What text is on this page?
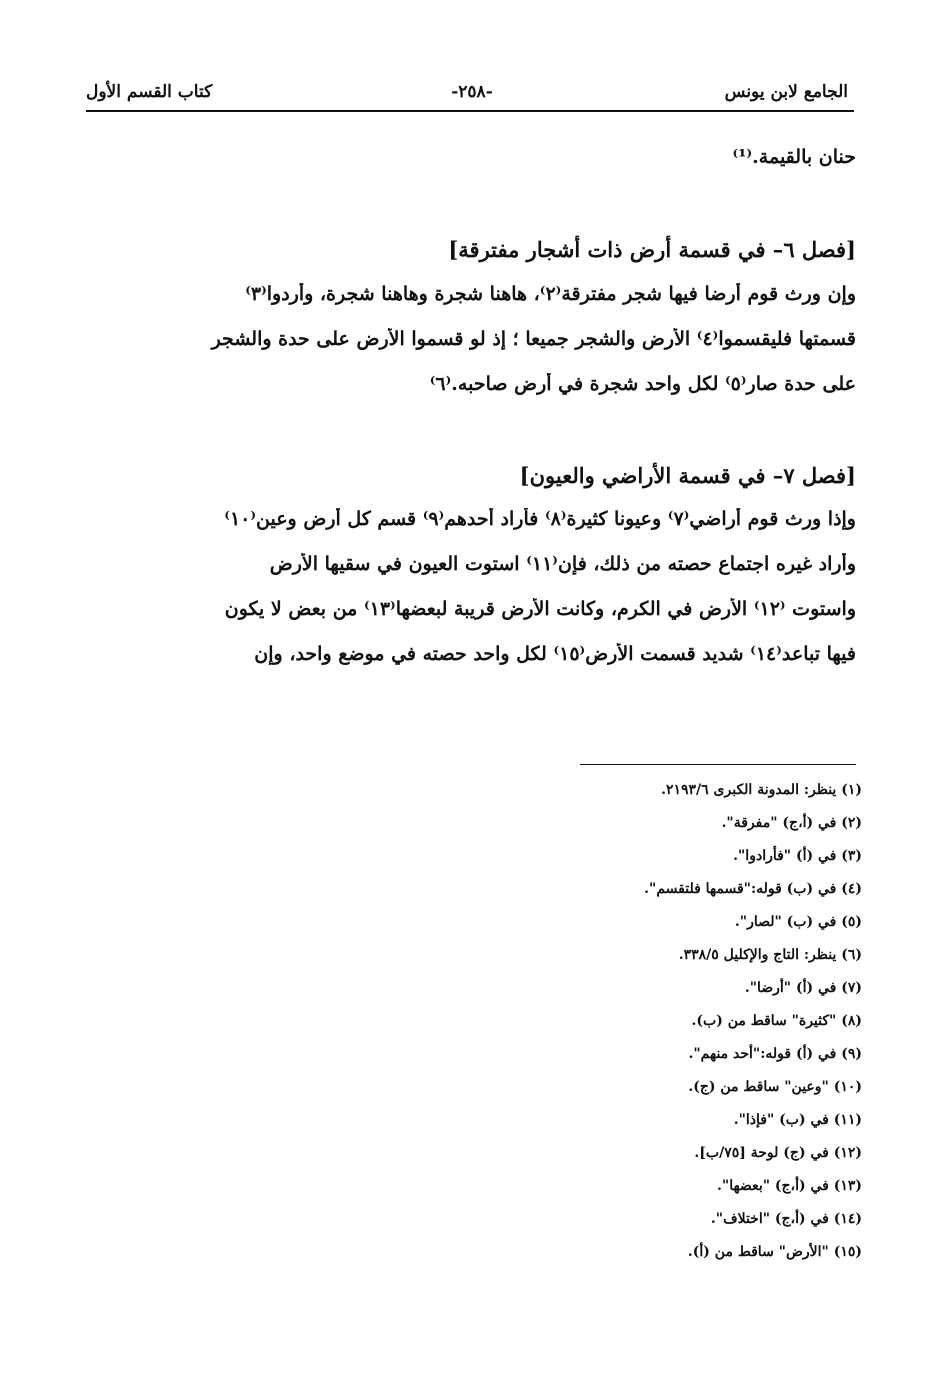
الجامع لابن يونس
-٢٥٨-
كتاب القسم الأول
حنان بالقيمة.⁽¹⁾
[فصل ٦– في قسمة أرض ذات أشجار مفترقة]
وإن ورث قوم أرضا فيها شجر مفترقة⁽٢⁾، هاهنا شجرة وهاهنا شجرة، وأردوا⁽٣⁾
قسمتها فليقسموا⁽٤⁾ الأرض والشجر جميعا ؛ إذ لو قسموا الأرض على حدة والشجر
على حدة صار⁽٥⁾ لكل واحد شجرة في أرض صاحبه.⁽٦⁾
[فصل ٧– في قسمة الأراضي والعيون]
وإذا ورث قوم أراضي⁽٧⁾ وعيونا كثيرة⁽٨⁾ فأراد أحدهم⁽٩⁾ قسم كل أرض وعين⁽١٠⁾
وأراد غيره اجتماع حصته من ذلك، فإن⁽١١⁾ استوت العيون في سقيها الأرض
واستوت ⁽١٢⁾ الأرض في الكرم، وكانت الأرض قريبة لبعضها⁽١٣⁾ من بعض لا يكون
فيها تباعد⁽١٤⁾ شديد قسمت الأرض⁽١٥⁾ لكل واحد حصته في موضع واحد، وإن
(١) ينظر: المدونة الكبرى ٢١٩٣/٦.
(٢) في (أ،ج) "مفرقة".
(٣) في (أ) "فأرادوا".
(٤) في (ب) قوله:"قسمها فلتقسم".
(٥) في (ب) "لصار".
(٦) ينظر: التاج والإكليل ٣٣٨/٥.
(٧) في (أ) "أرضا".
(٨) "كثيرة" ساقط من (ب).
(٩) في (أ) قوله:"أحد منهم".
(١٠) "وعين" ساقط من (ج).
(١١) في (ب) "فإذا".
(١٢) في (ج) لوحة [٧٥/ب].
(١٣) في (أ،ج) "بعضها".
(١٤) في (أ،ج) "اختلاف".
(١٥) "الأرض" ساقط من (أ).
